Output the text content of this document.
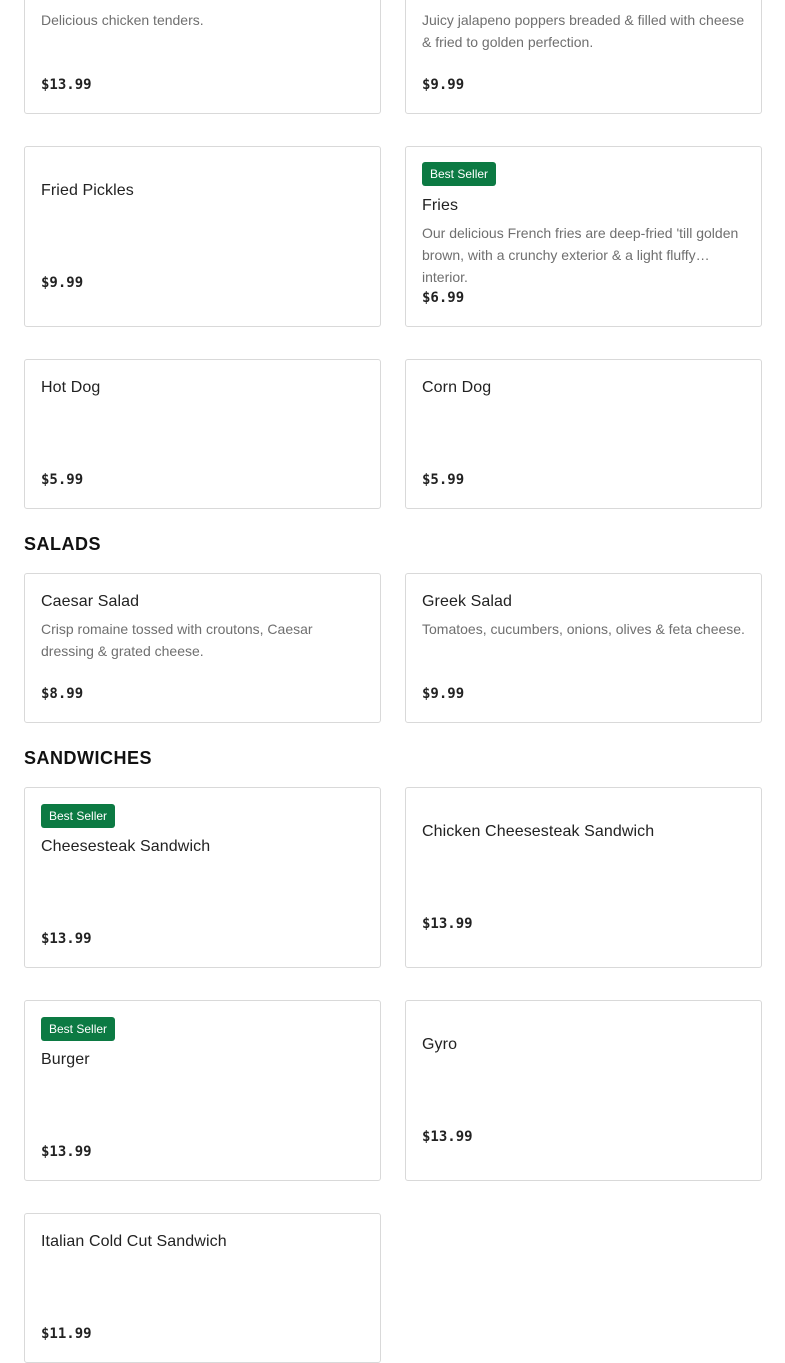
Delicious chicken tenders.
$13.99
Juicy jalapeno poppers breaded & filled with cheese & fried to golden perfection.
$9.99
Fried Pickles
$9.99
Best Seller
Fries
Our delicious French fries are deep-fried 'till golden brown, with a crunchy exterior & a light fluffy interior.
$6.99
Hot Dog
$5.99
Corn Dog
$5.99
SALADS
Caesar Salad
Crisp romaine tossed with croutons, Caesar dressing & grated cheese.
$8.99
Greek Salad
Tomatoes, cucumbers, onions, olives & feta cheese.
$9.99
SANDWICHES
Best Seller
Cheesesteak Sandwich
$13.99
Chicken Cheesesteak Sandwich
$13.99
Best Seller
Burger
$13.99
Gyro
$13.99
Italian Cold Cut Sandwich
$11.99
